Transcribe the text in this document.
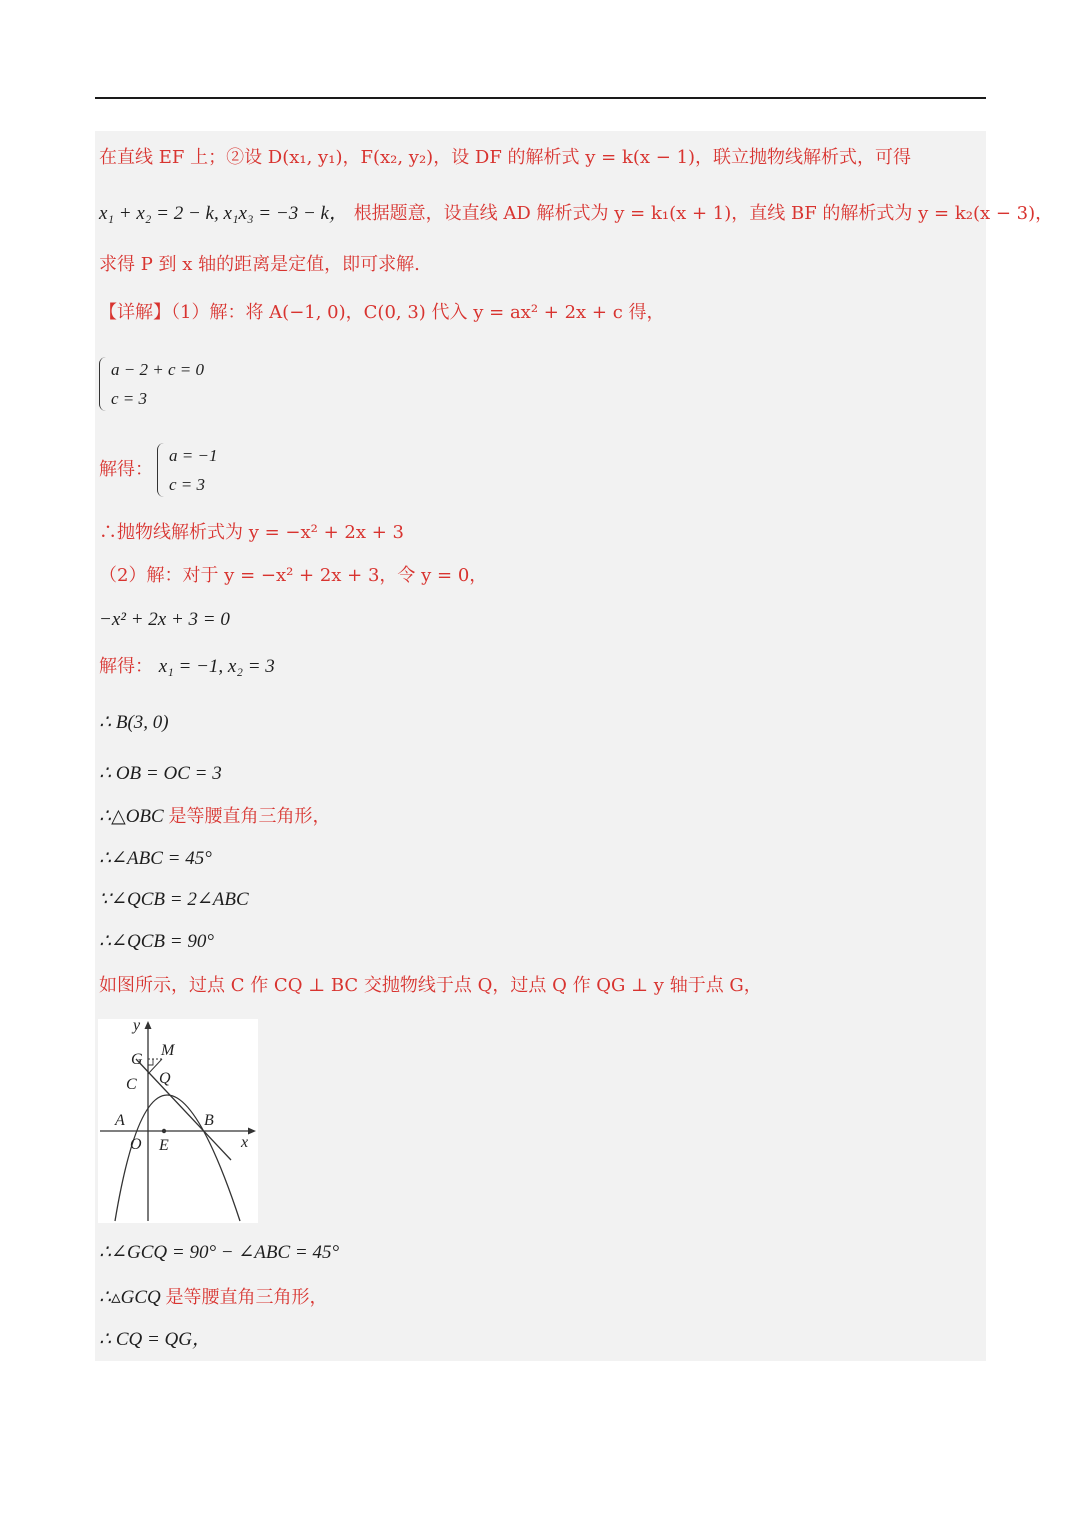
在直线 EF 上；②设 D(x₁, y₁)，F(x₂, y₂)，设 DF 的解析式 y = k(x − 1)，联立抛物线解析式，可得
x₁ + x₂ = 2 − k, x₁x₃ = −3 − k， 根据题意，设直线 AD 解析式为 y = k₁(x + 1)，直线 BF 的解析式为 y = k₂(x − 3)，
求得 P 到 x 轴的距离是定值，即可求解.
【详解】（1）解：将 A(−1, 0)，C(0, 3) 代入 y = ax² + 2x + c 得，
a − 2 + c = 0
c = 3
解得：
a = −1
c = 3
∴抛物线解析式为 y = −x² + 2x + 3
（2）解：对于 y = −x² + 2x + 3，令 y = 0，
−x² + 2x + 3 = 0
解得： x₁ = −1, x₂ = 3
∴ B(3, 0)
∴ OB = OC = 3
∴△OBC 是等腰直角三角形，
∴∠ABC = 45°
∵∠QCB = 2∠ABC
∴∠QCB = 90°
如图所示，过点 C 作 CQ ⊥ BC 交抛物线于点 Q，过点 Q 作 QG ⊥ y 轴于点 G，
y
x
M
G
C Q
A	B
O E
∴∠GCQ = 90° − ∠ABC = 45°
∴▵GCQ 是等腰直角三角形，
∴ CQ = QG，
